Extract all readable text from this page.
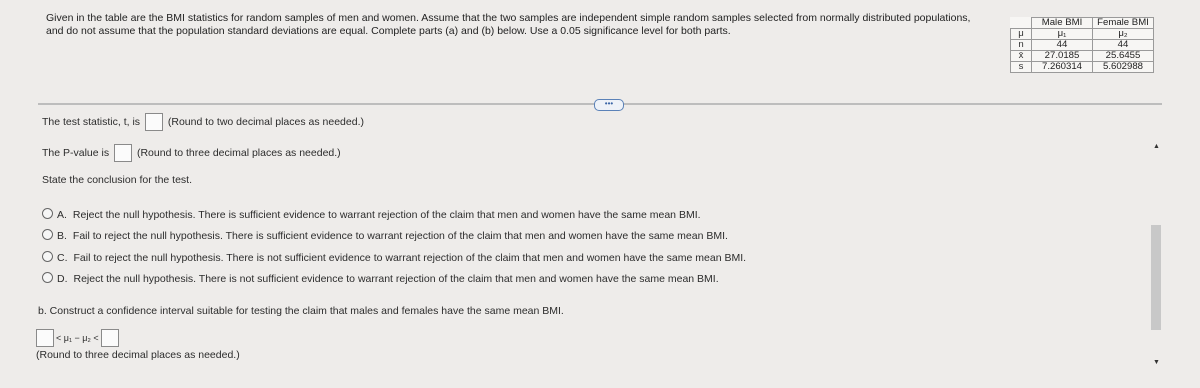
Given in the table are the BMI statistics for random samples of men and women. Assume that the two samples are independent simple random samples selected from normally distributed populations, and do not assume that the population standard deviations are equal. Complete parts (a) and (b) below. Use a 0.05 significance level for both parts.
	Male BMI	Female BMI
μ	μ₁	μ₂
n	44	44
x̄	27.0185	25.6455
s	7.260314	5.602988
•••
The test statistic, t, is	(Round to two decimal places as needed.)
The P-value is	(Round to three decimal places as needed.)
State the conclusion for the test.
A. Reject the null hypothesis. There is sufficient evidence to warrant rejection of the claim that men and women have the same mean BMI.
B. Fail to reject the null hypothesis. There is sufficient evidence to warrant rejection of the claim that men and women have the same mean BMI.
C. Fail to reject the null hypothesis. There is not sufficient evidence to warrant rejection of the claim that men and women have the same mean BMI.
D. Reject the null hypothesis. There is not sufficient evidence to warrant rejection of the claim that men and women have the same mean BMI.
b. Construct a confidence interval suitable for testing the claim that males and females have the same mean BMI.
< μ₁ − μ₂ <
(Round to three decimal places as needed.)
▲
▼
